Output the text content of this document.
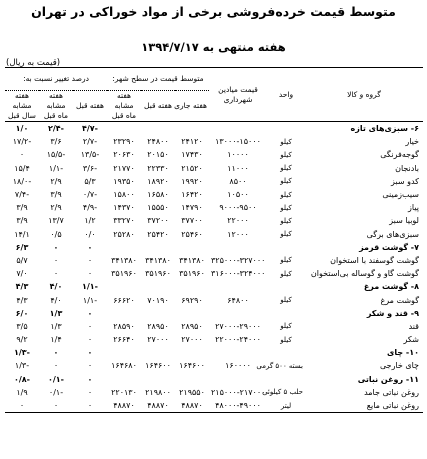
متوسط قیمت خرده‌فروشی برخی از مواد خوراکی در تهران
هفته منتهی به ۱۳۹۴/۷/۱۷
(قیمت به ریال)
گروه و کالا	واحد	قیمت میادین شهرداری	متوسط قیمت در سطح شهر:			درصد تغییر نسبت به:		
			هفته جاری	هفته قبل	هفته مشابه ماه قبل	هفته قبل	هفته مشابه ماه قبل	هفته مشابه سال قبل
۶- سبزی‌های تازه						-۴/۷	-۲/۴	۱/۰
خیار	کیلو	۱۳۰۰۰-۱۵۰۰۰	۲۴۱۲۰	۲۴۸۰۰	۲۳۲۹۰	-۲/۷	۳/۶	-۱۷/۲
گوجه‌فرنگی	کیلو	۱۰۰۰۰	۱۷۴۳۰	۲۰۱۵۰	۲۰۶۳۰	-۱۳/۵	-۱۵/۵	۰
بادنجان	کیلو	۱۱۰۰۰	۲۱۵۲۰	۲۲۳۳۰	۲۱۷۷۰	-۳/۶	-۱/۱	۱۵/۴
کدو سبز	کیلو	۸۵۰۰	۱۹۹۲۰	۱۸۹۲۰	۱۹۳۵۰	۵/۳	۲/۹	-۱۸/۰
سیب‌زمینی	کیلو	۱۰۵۰۰	۱۶۴۲۰	۱۶۵۸۰	۱۵۸۰۰	-۰/۷	۳/۹	-۷/۴
پیاز	کیلو	۹۰۰۰-۹۵۰۰	۱۴۷۹۰	۱۵۵۵۰	۱۴۳۷۰	-۴/۹	۲/۹	۳/۹
لوبیا سبز	کیلو	۲۲۰۰۰	۳۷۷۰۰	۳۷۲۰۰	۳۳۲۷۰	۱/۲	۱۳/۷	۳/۹
سبزی‌های برگی	کیلو	۱۲۰۰۰	۲۵۴۶۰	۲۵۴۲۰	۲۵۲۸۰	۰/۰	۰/۵	۱۴/۱
۷- گوشت قرمز						۰	۰	۶/۳
گوشت گوسفند با استخوان	کیلو	۳۲۵۰۰۰-۳۲۷۰۰۰	۳۴۱۳۸۰	۳۴۱۳۸۰	۳۴۱۳۸۰	۰	۰	۵/۷
گوشت گاو و گوساله بی‌استخوان	کیلو	۳۱۶۰۰۰-۳۲۴۰۰۰	۳۵۱۹۶۰	۳۵۱۹۶۰	۳۵۱۹۶۰	۰	۰	۷/۰
۸- گوشت مرغ						-۱/۱	۴/۰	۴/۳
گوشت مرغ	کیلو	۶۴۸۰۰	۶۹۲۹۰	۷۰۱۹۰	۶۶۶۲۰	-۱/۱	۴/۰	۴/۳
۹- قند و شکر						۰	۱/۳	۶/۰
قند	کیلو	۲۷۰۰۰-۲۹۰۰۰	۲۸۹۵۰	۲۸۹۵۰	۲۸۵۹۰	۰	۱/۳	۳/۵
شکر	کیلو	۲۲۰۰۰-۲۴۰۰۰	۲۷۰۰۰	۲۷۰۰۰	۲۶۶۴۰	۰	۱/۴	۹/۲
۱۰- چای						۰	۰	-۱/۳
چای خارجی	بسته ۵۰۰ گرمی	۱۶۰۰۰۰	۱۶۴۶۰۰	۱۶۴۶۰۰	۱۶۴۶۸۰	۰	۰	-۱/۳
۱۱- روغن نباتی						۰	-۰/۱	-۰/۸
روغن نباتی جامد	حلب ۵ کیلوئی	۲۱۵۰۰۰-۲۱۷۰۰۰	۲۱۹۵۵۰	۲۱۹۸۰۰	۲۲۰۱۳۰	۰	-۰/۱	۱/۹
روغن نباتی مایع	لیتر	۴۸۰۰۰-۴۹۰۰۰	۴۸۸۷۰	۴۸۸۷۰	۴۸۸۷۰	۰	۰	۰
